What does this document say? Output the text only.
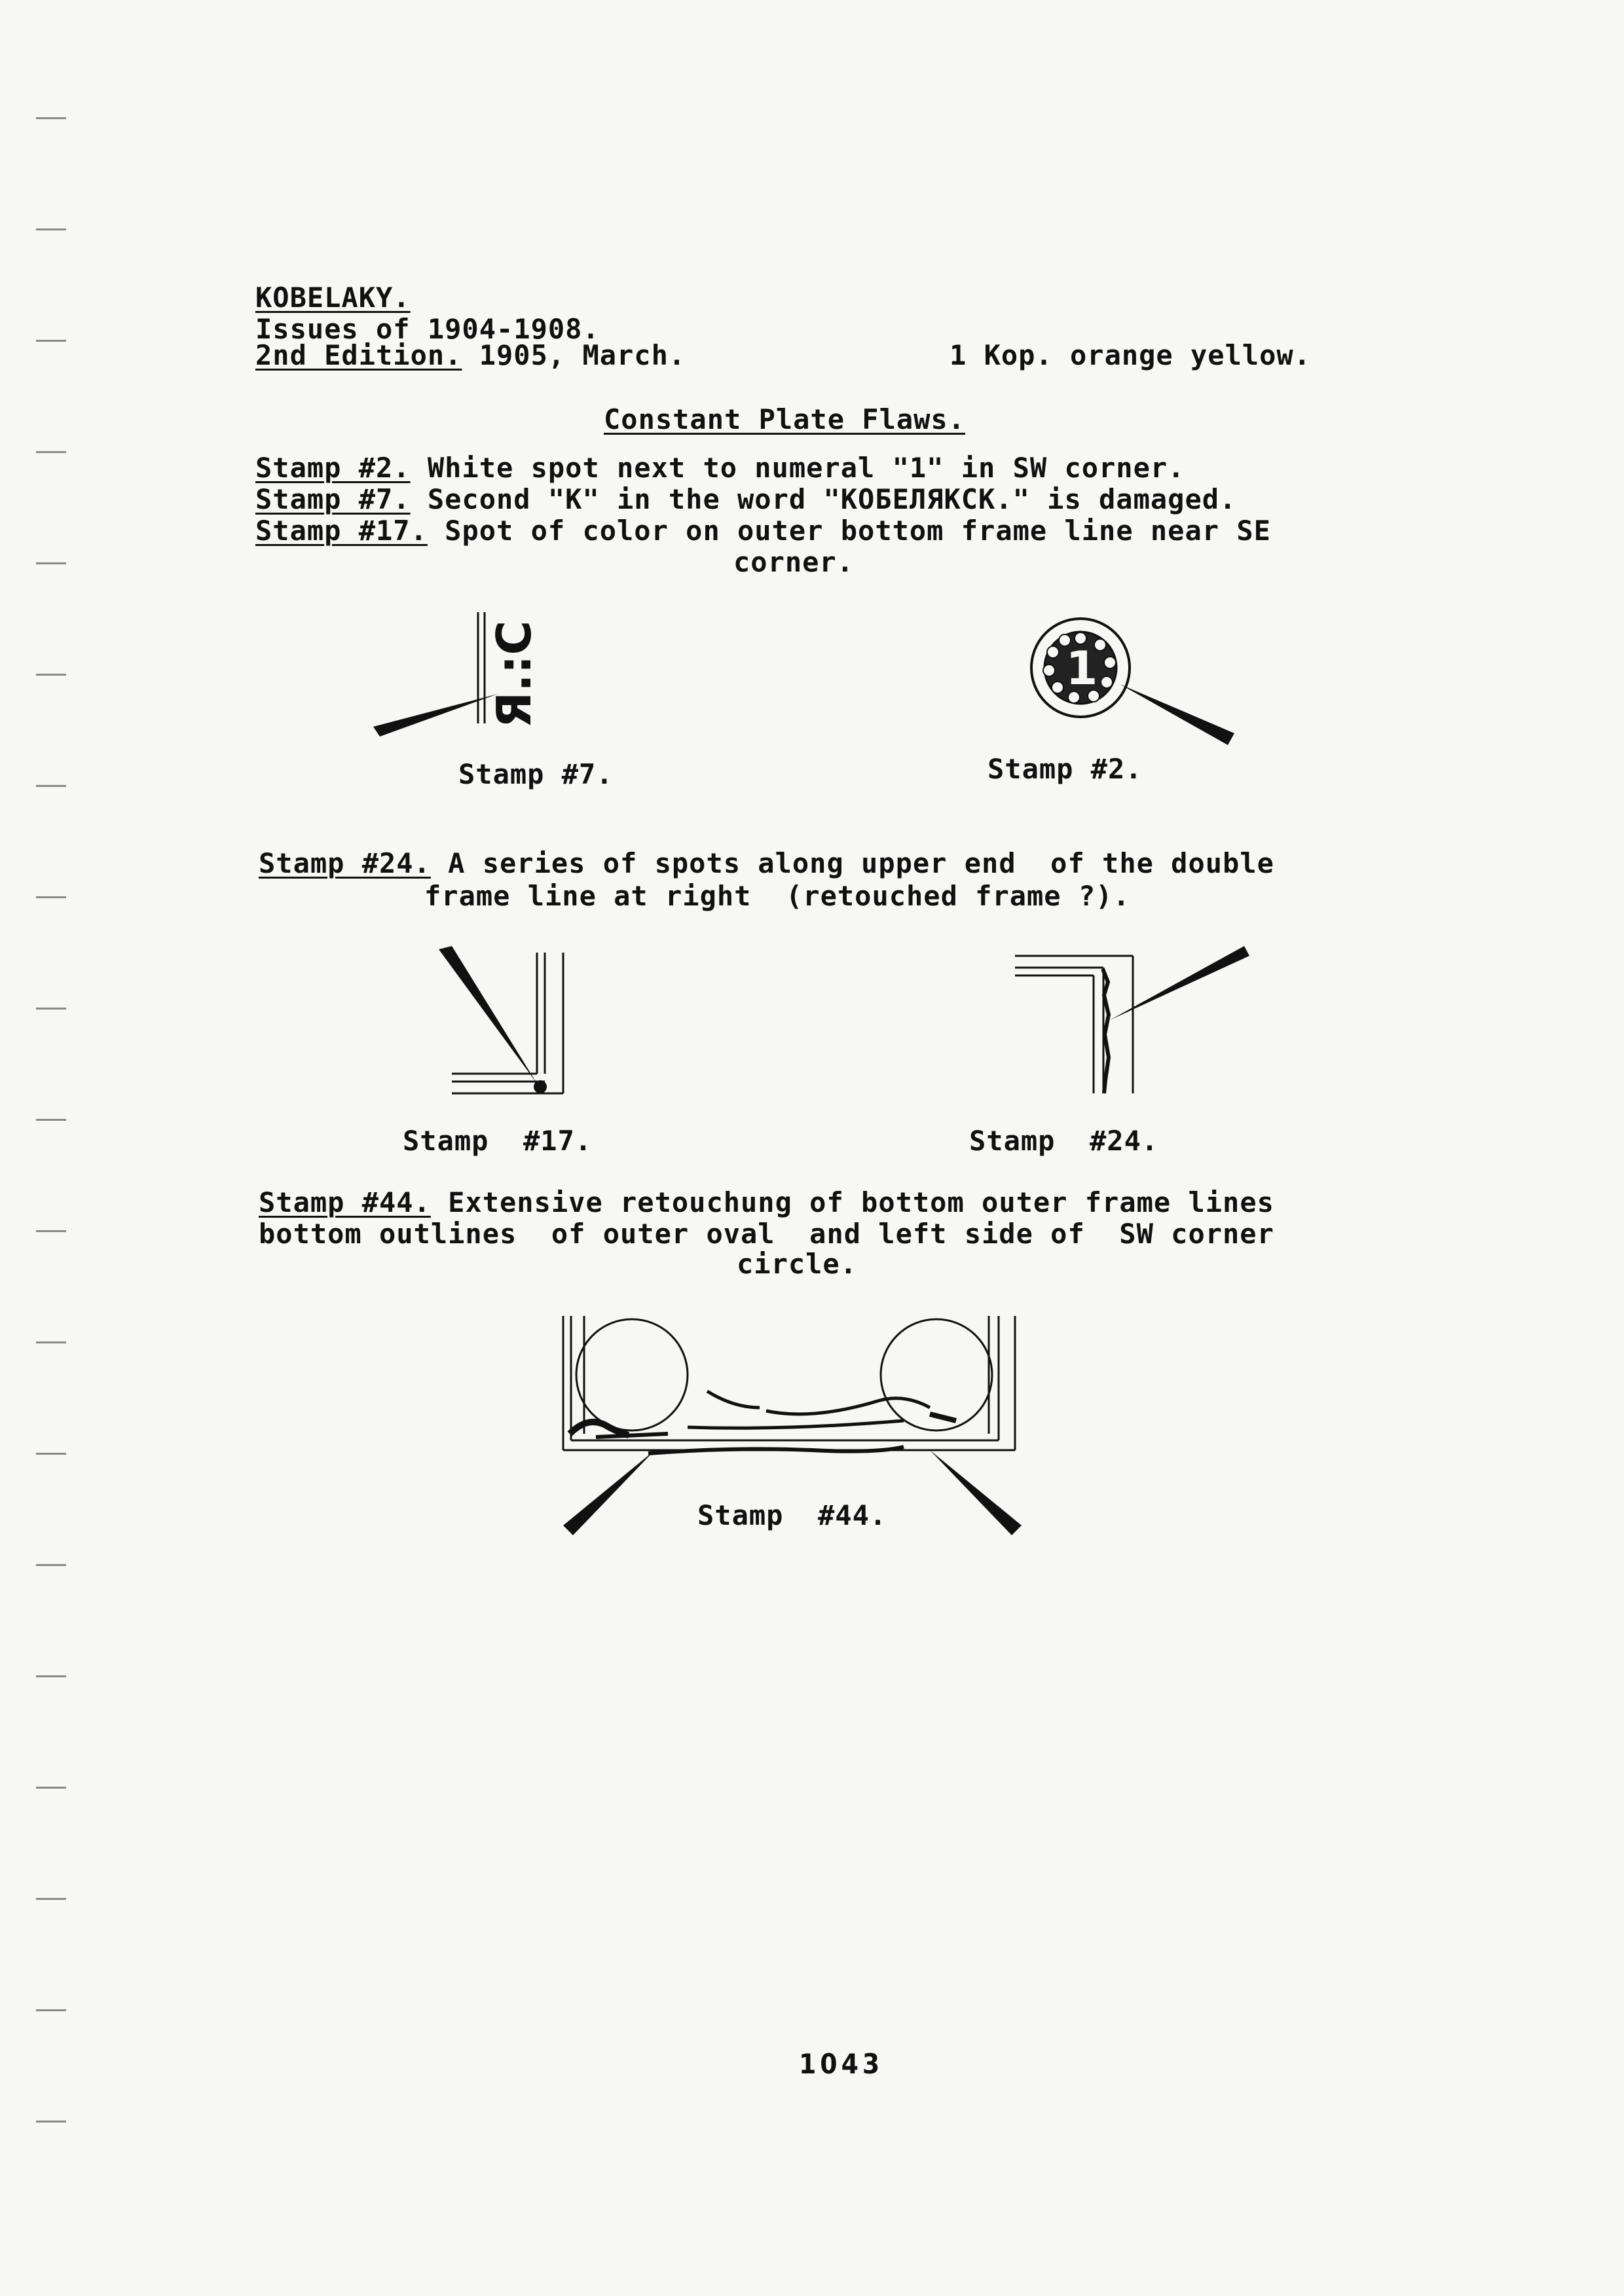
KOBELAKY.
Issues of 1904-1908.
2nd Edition. 1905, March.	1 Kop. orange yellow.
Constant Plate Flaws.
Stamp #2. White spot next to numeral "1" in SW corner.
Stamp #7. Second "K" in the word "КОБЕЛЯКСК." is damaged.
Stamp #17. Spot of color on outer bottom frame line near SE
corner.
Я.:С
Stamp #7.
1
Stamp #2.
Stamp #24. A series of spots along upper end  of the double
frame line at right  (retouched frame ?).
Stamp  #17.	Stamp  #24.
Stamp #44. Extensive retouchung of bottom outer frame lines
bottom outlines  of outer oval  and left side of  SW corner
circle.
Stamp  #44.
1043
